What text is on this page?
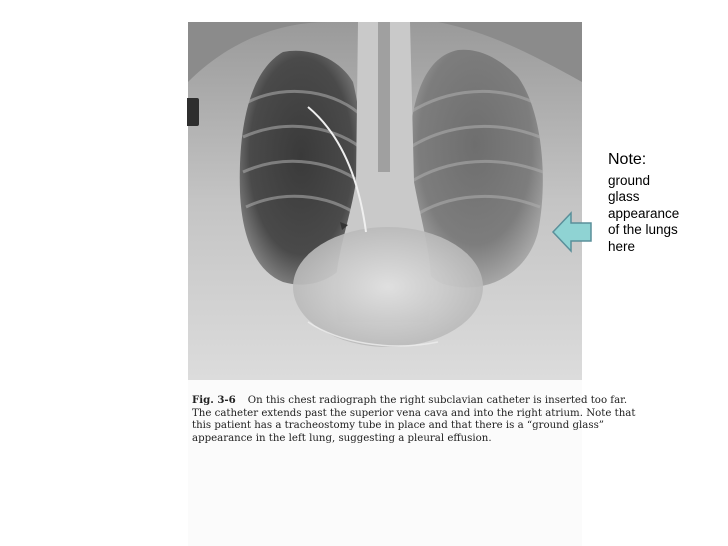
Fig. 3-6 On this chest radiograph the right subclavian catheter is inserted too far.
The catheter extends past the superior vena cava and into the right atrium. Note that
this patient has a tracheostomy tube in place and that there is a “ground glass”
appearance in the left lung, suggesting a pleural effusion.
Note:
ground
glass
appearance
of the lungs
here
